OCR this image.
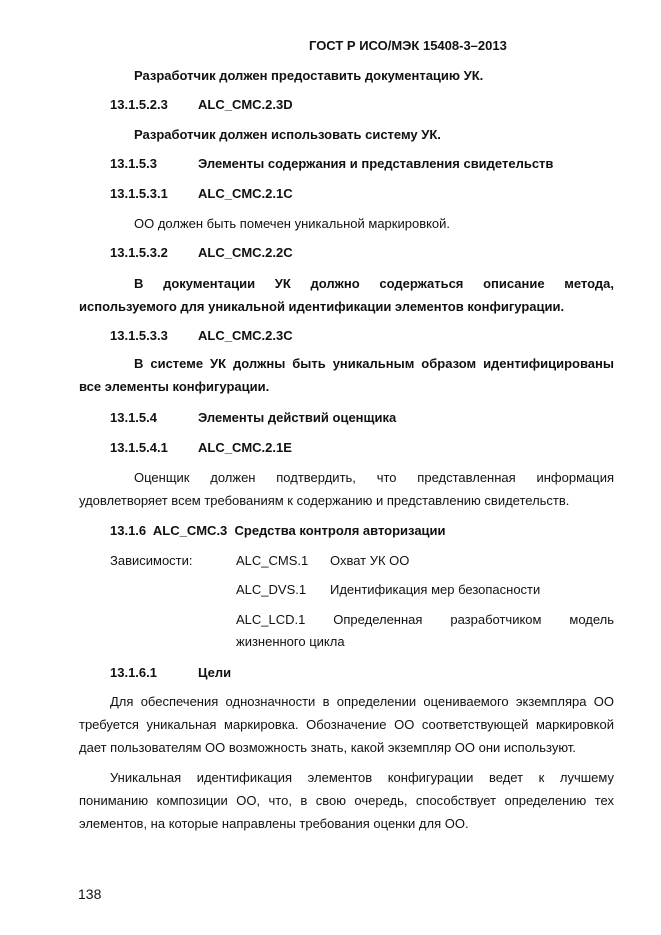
ГОСТ Р ИСО/МЭК 15408-3–2013
Разработчик должен предоставить документацию УК.
13.1.5.2.3 ALC_CMC.2.3D
Разработчик должен использовать систему УК.
13.1.5.3	Элементы содержания и представления свидетельств
13.1.5.3.1 ALC_CMC.2.1C
ОО должен быть помечен уникальной маркировкой.
13.1.5.3.2 ALC_CMC.2.2C
В документации УК должно содержаться описание метода,
используемого для уникальной идентификации элементов конфигурации.
13.1.5.3.3 ALC_CMC.2.3C
В системе УК должны быть уникальным образом идентифицированы
все элементы конфигурации.
13.1.5.4	Элементы действий оценщика
13.1.5.4.1 ALC_CMC.2.1E
Оценщик должен подтвердить, что представленная информация
удовлетворяет всем требованиям к содержанию и представлению свидетельств.
13.1.6  ALC_CMC.3  Средства контроля авторизации
Зависимости:	ALC_CMS.1 Охват УК ОО
ALC_DVS.1 Идентификация мер безопасности
ALC_LCD.1 Определенная разработчиком модель
жизненного цикла
13.1.6.1	Цели
Для обеспечения однозначности в определении оцениваемого экземпляра ОО
требуется уникальная маркировка. Обозначение ОО соответствующей маркировкой
дает пользователям ОО возможность знать, какой экземпляр ОО они используют.
Уникальная идентификация элементов конфигурации ведет к лучшему
пониманию композиции ОО, что, в свою очередь, способствует определению тех
элементов, на которые направлены требования оценки для ОО.
138
